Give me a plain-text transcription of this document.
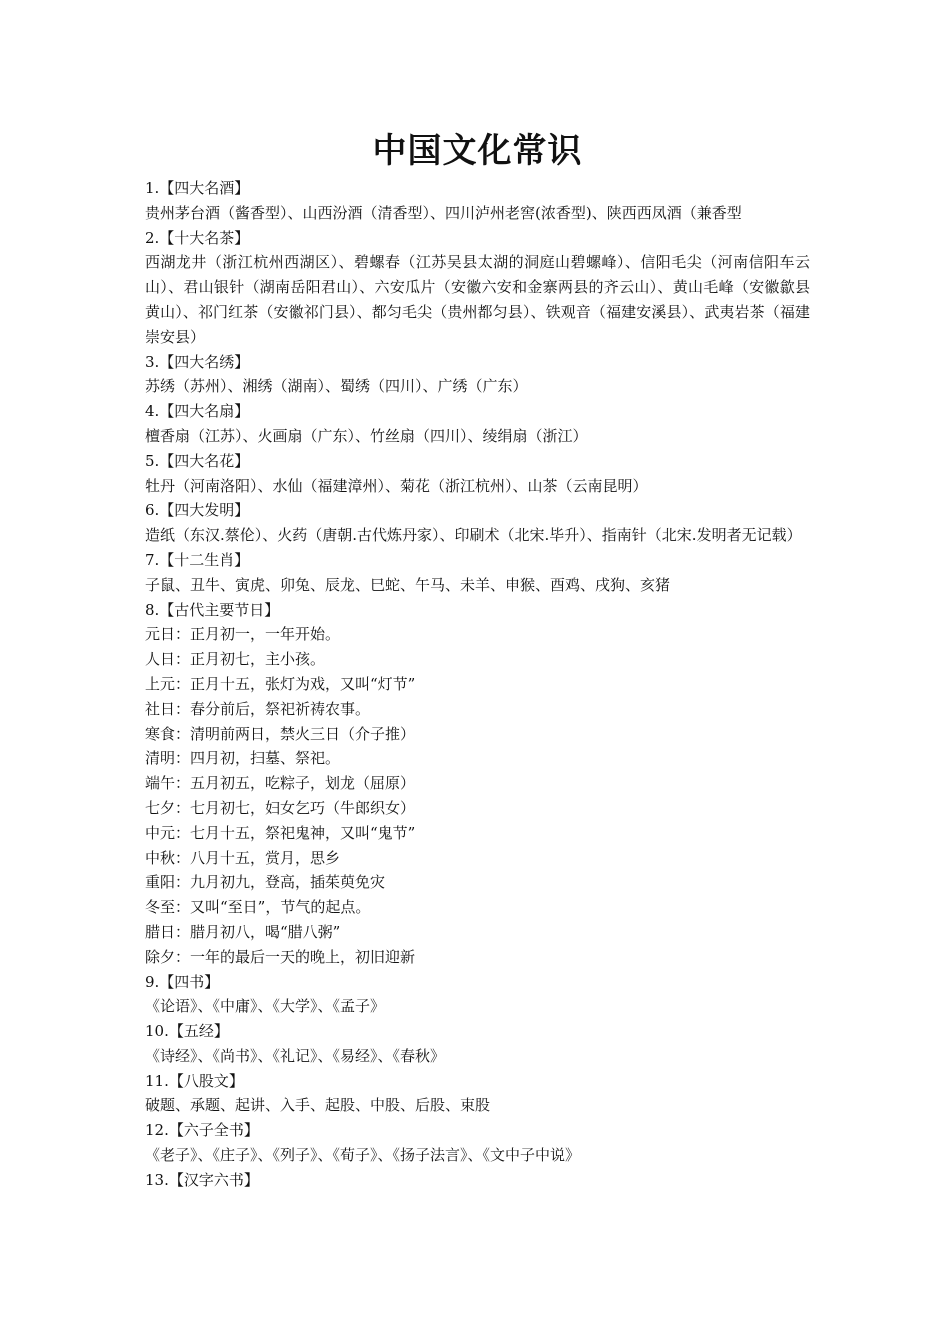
中国文化常识
1.【四大名酒】
贵州茅台酒（酱香型）、山西汾酒（清香型）、四川泸州老窖(浓香型)、陕西西凤酒（兼香型
2.【十大名茶】
西湖龙井（浙江杭州西湖区）、碧螺春（江苏吴县太湖的洞庭山碧螺峰）、信阳毛尖（河南信阳车云山）、君山银针（湖南岳阳君山）、六安瓜片（安徽六安和金寨两县的齐云山）、黄山毛峰（安徽歙县黄山）、祁门红茶（安徽祁门县）、都匀毛尖（贵州都匀县）、铁观音（福建安溪县）、武夷岩茶（福建崇安县）
3.【四大名绣】
苏绣（苏州）、湘绣（湖南）、蜀绣（四川）、广绣（广东）
4.【四大名扇】
檀香扇（江苏）、火画扇（广东）、竹丝扇（四川）、绫绢扇（浙江）
5.【四大名花】
牡丹（河南洛阳）、水仙（福建漳州）、菊花（浙江杭州）、山茶（云南昆明）
6.【四大发明】
造纸（东汉.蔡伦）、火药（唐朝.古代炼丹家）、印刷术（北宋.毕升）、指南针（北宋.发明者无记载）
7.【十二生肖】
子鼠、丑牛、寅虎、卯兔、辰龙、巳蛇、午马、未羊、申猴、酉鸡、戌狗、亥猪
8.【古代主要节日】
元日：正月初一，一年开始。
人日：正月初七，主小孩。
上元：正月十五，张灯为戏，又叫“灯节”
社日：春分前后，祭祀祈祷农事。
寒食：清明前两日，禁火三日（介子推）
清明：四月初，扫墓、祭祀。
端午：五月初五，吃粽子，划龙（屈原）
七夕：七月初七，妇女乞巧（牛郎织女）
中元：七月十五，祭祀鬼神，又叫“鬼节”
中秋：八月十五，赏月，思乡
重阳：九月初九，登高，插茱萸免灾
冬至：又叫“至日”，节气的起点。
腊日：腊月初八，喝“腊八粥”
除夕：一年的最后一天的晚上，初旧迎新
9.【四书】
《论语》、《中庸》、《大学》、《孟子》
10.【五经】
《诗经》、《尚书》、《礼记》、《易经》、《春秋》
11.【八股文】
破题、承题、起讲、入手、起股、中股、后股、束股
12.【六子全书】
《老子》、《庄子》、《列子》、《荀子》、《扬子法言》、《文中子中说》
13.【汉字六书】
